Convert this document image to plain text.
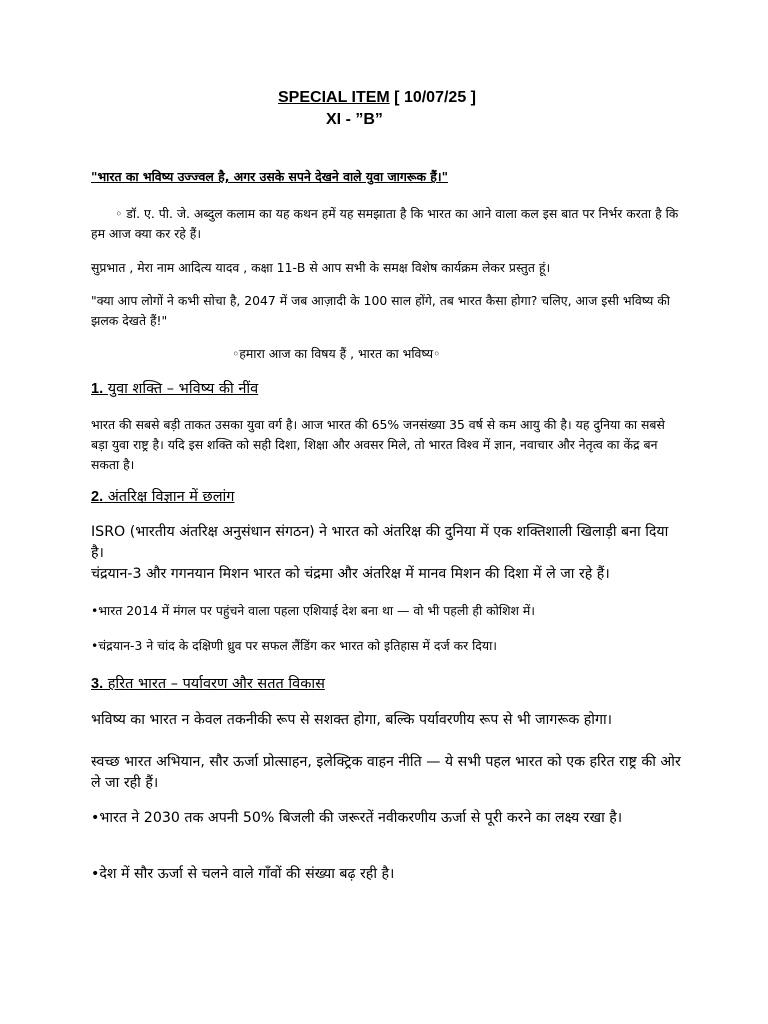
SPECIAL ITEM [ 10/07/25 ]

XI - ”B”

"भारत का भविष्य उज्ज्वल है, अगर उसके सपने देखने वाले युवा जागरूक हैं।"

◦ डॉ. ए. पी. जे. अब्दुल कलाम का यह कथन हमें यह समझाता है कि भारत का आने वाला कल इस बात पर निर्भर करता है कि हम आज क्या कर रहे हैं।

सुप्रभात , मेरा नाम आदित्य यादव , कक्षा 11-B से आप सभी के समक्ष विशेष कार्यक्रम लेकर प्रस्तुत हूं।

"क्या आप लोगों ने कभी सोचा है, 2047 में जब आज़ादी के 100 साल होंगे, तब भारत कैसा होगा? चलिए, आज इसी भविष्य की झलक देखते हैं!"

◦हमारा आज का विषय हैं , भारत का भविष्य◦

1. युवा शक्ति – भविष्य की नींव

भारत की सबसे बड़ी ताकत उसका युवा वर्ग है। आज भारत की 65% जनसंख्या 35 वर्ष से कम आयु की है। यह दुनिया का सबसे बड़ा युवा राष्ट्र है। यदि इस शक्ति को सही दिशा, शिक्षा और अवसर मिले, तो भारत विश्व में ज्ञान, नवाचार और नेतृत्व का केंद्र बन सकता है।

2. अंतरिक्ष विज्ञान में छलांग

ISRO (भारतीय अंतरिक्ष अनुसंधान संगठन) ने भारत को अंतरिक्ष की दुनिया में एक शक्तिशाली खिलाड़ी बना दिया है।

चंद्रयान-3 और गगनयान मिशन भारत को चंद्रमा और अंतरिक्ष में मानव मिशन की दिशा में ले जा रहे हैं।

•भारत 2014 में मंगल पर पहुंचने वाला पहला एशियाई देश बना था — वो भी पहली ही कोशिश में।

•चंद्रयान-3 ने चांद के दक्षिणी ध्रुव पर सफल लैंडिंग कर भारत को इतिहास में दर्ज कर दिया।

3. हरित भारत – पर्यावरण और सतत विकास

भविष्य का भारत न केवल तकनीकी रूप से सशक्त होगा, बल्कि पर्यावरणीय रूप से भी जागरूक होगा।

स्वच्छ भारत अभियान, सौर ऊर्जा प्रोत्साहन, इलेक्ट्रिक वाहन नीति — ये सभी पहल भारत को एक हरित राष्ट्र की ओर ले जा रही हैं।

•भारत ने 2030 तक अपनी 50% बिजली की जरूरतें नवीकरणीय ऊर्जा से पूरी करने का लक्ष्य रखा है।

•देश में सौर ऊर्जा से चलने वाले गाँवों की संख्या बढ़ रही है।
